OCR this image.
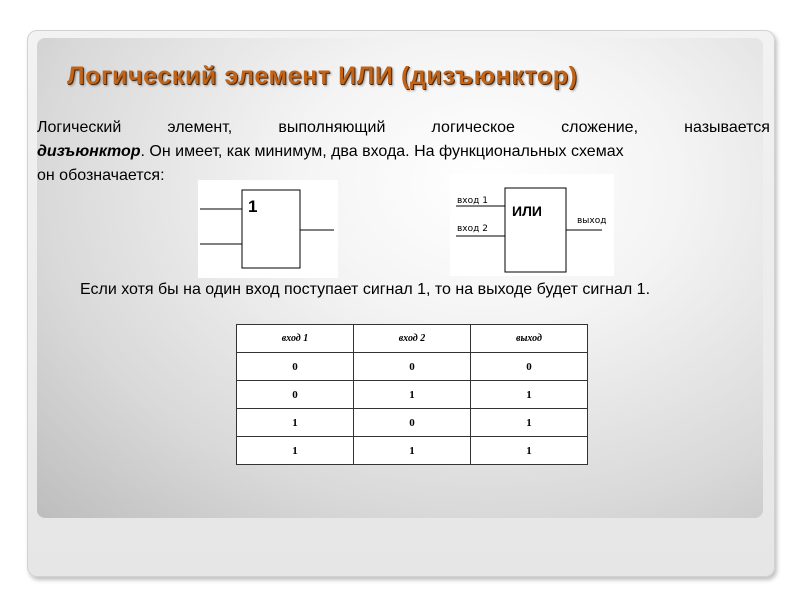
Логический элемент ИЛИ (дизъюнктор)
Логический	элемент,	выполняющий	логическое	сложение,	называется
дизъюнктор. Он имеет, как минимум, два входа. На функциональных схемах
он обозначается:
1	вход 1
вход 2
ИЛИ
выход
Если хотя бы на один вход поступает сигнал 1, то на выходе будет сигнал 1.
вход 1	вход 2	выход
0	0	0
0	1	1
1	0	1
1	1	1
